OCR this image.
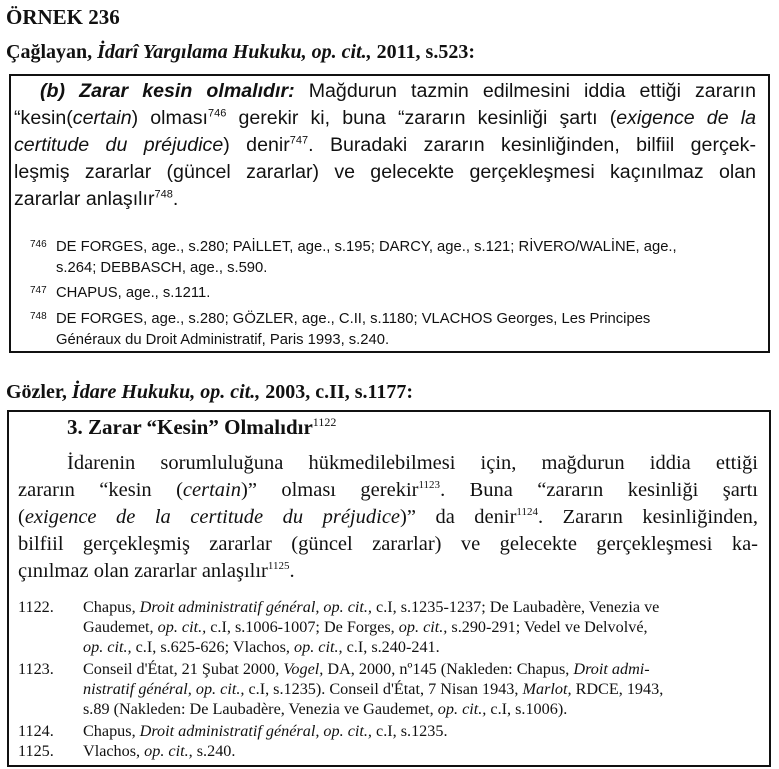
ÖRNEK 236
Çağlayan, İdarî Yargılama Hukuku, op. cit., 2011, s.523:
(b) Zarar kesin olmalıdır: Mağdurun tazmin edilmesini iddia ettiği zararın
“kesin(certain) olması$^{746}$ gerekir ki, buna “zararın kesinliği şartı (exigence de la
certitude du préjudice) denir$^{747}$. Buradaki zararın kesinliğinden, bilfiil gerçek-
leşmiş zararlar (güncel zararlar) ve gelecekte gerçekleşmesi kaçınılmaz olan
zararlar anlaşılır$^{748}$.
746 DE FORGES, age., s.280; PAİLLET, age., s.195; DARCY, age., s.121; RİVERO/WALİNE, age.,
s.264; DEBBASCH, age., s.590.
747 CHAPUS, age., s.1211.
748 DE FORGES, age., s.280; GÖZLER, age., C.II, s.1180; VLACHOS Georges, Les Principes
Généraux du Droit Administratif, Paris 1993, s.240.
Gözler, İdare Hukuku, op. cit., 2003, c.II, s.1177:
3. Zarar “Kesin” Olmalıdır$^{1122}$
İdarenin sorumluluğuna hükmedilebilmesi için, mağdurun iddia ettiği
zararın “kesin (certain)” olması gerekir$^{1123}$. Buna “zararın kesinliği şartı
(exigence de la certitude du préjudice)” da denir$^{1124}$. Zararın kesinliğinden,
bilfiil gerçekleşmiş zararlar (güncel zararlar) ve gelecekte gerçekleşmesi ka-
çınılmaz olan zararlar anlaşılır$^{1125}$.
1122. Chapus, Droit administratif général, op. cit., c.I, s.1235-1237; De Laubadère, Venezia ve
Gaudemet, op. cit., c.I, s.1006-1007; De Forges, op. cit., s.290-291; Vedel ve Delvolvé,
op. cit., c.I, s.625-626; Vlachos, op. cit., c.I, s.240-241.
1123. Conseil d'État, 21 Şubat 2000, Vogel, DA, 2000, nº145 (Nakleden: Chapus, Droit admi-
nistratif général, op. cit., c.I, s.1235). Conseil d'État, 7 Nisan 1943, Marlot, RDCE, 1943,
s.89 (Nakleden: De Laubadère, Venezia ve Gaudemet, op. cit., c.I, s.1006).
1124. Chapus, Droit administratif général, op. cit., c.I, s.1235.
1125. Vlachos, op. cit., s.240.
